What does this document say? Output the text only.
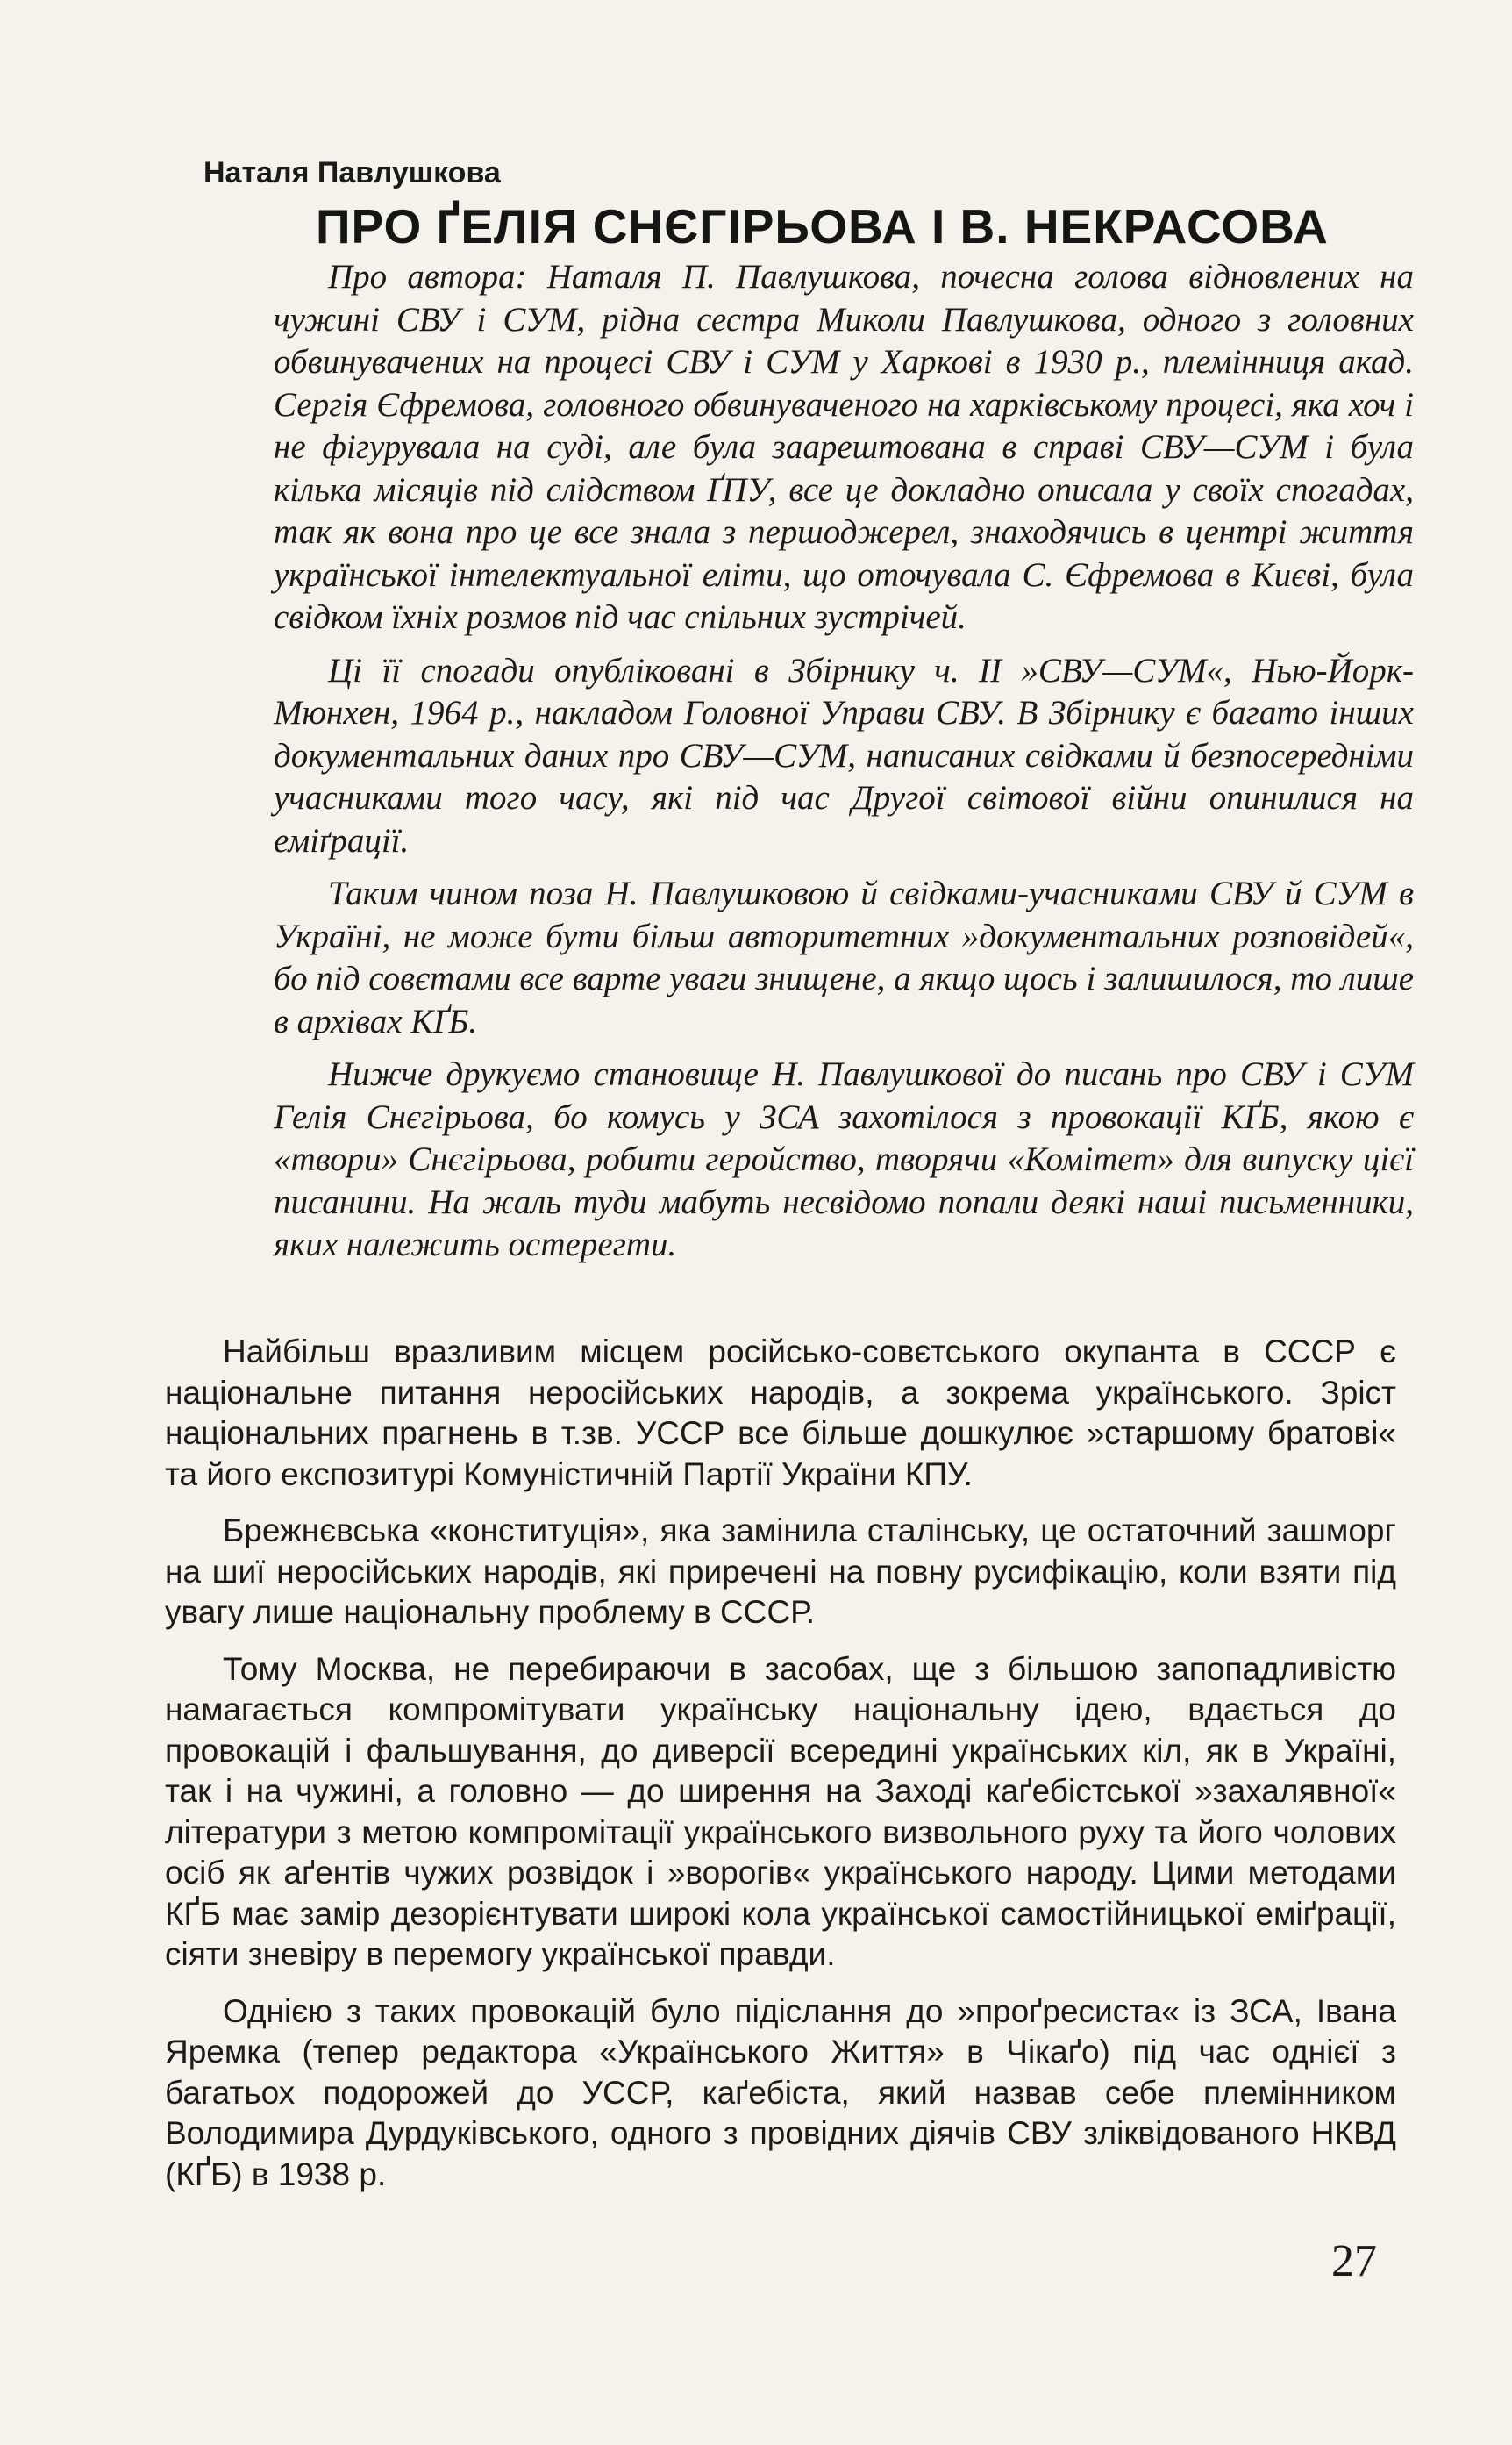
Наталя Павлушкова
ПРО ҐЕЛІЯ СНЄГІРЬОВА І В. НЕКРАСОВА

Про автора: Наталя П. Павлушкова, почесна голова відновлених на чужині СВУ і СУМ, рідна сестра Миколи Павлушкова, одного з головних обвинувачених на процесі СВУ і СУМ у Харкові в 1930 р., племінниця акад. Сергія Єфремова, головного обвинуваченого на харківському процесі, яка хоч і не фігурувала на суді, але була заарештована в справі СВУ—СУМ і була кілька місяців під слідством ҐПУ, все це докладно описала у своїх спогадах, так як вона про це все знала з першоджерел, знаходячись в центрі життя української інтелектуальної еліти, що оточувала С. Єфремова в Києві, була свідком їхніх розмов під час спільних зустрічей.

Ці її спогади опубліковані в Збірнику ч. II »СВУ—СУМ«, Нью-Йорк-Мюнхен, 1964 р., накладом Головної Управи СВУ. В Збірнику є багато інших документальних даних про СВУ—СУМ, написаних свідками й безпосередніми учасниками того часу, які під час Другої світової війни опинилися на еміґрації.

Таким чином поза Н. Павлушковою й свідками-учасниками СВУ й СУМ в Україні, не може бути більш авторитетних »документальних розповідей«, бо під совєтами все варте уваги знищене, а якщо щось і залишилося, то лише в архівах КҐБ.

Нижче друкуємо становище Н. Павлушкової до писань про СВУ і СУМ Гелія Снєгірьова, бо комусь у ЗСА захотілося з провокації КҐБ, якою є «твори» Снєгірьова, робити геройство, творячи «Комітет» для випуску цієї писанини. На жаль туди мабуть несвідомо попали деякі наші письменники, яких належить остерегти.

Найбільш вразливим місцем російсько-совєтського окупанта в СССР є національне питання неросійських народів, а зокрема українського. Зріст національних прагнень в т.зв. УССР все більше дошкулює »старшому братові« та його експозитурі Комуністичній Партії України КПУ.

Брежнєвська «конституція», яка замінила сталінську, це остаточний зашморг на шиї неросійських народів, які приречені на повну русифікацію, коли взяти під увагу лише національну проблему в СССР.

Тому Москва, не перебираючи в засобах, ще з більшою запопадливістю намагається компромітувати українську національну ідею, вдається до провокацій і фальшування, до диверсії всередині українських кіл, як в Україні, так і на чужині, а головно — до ширення на Заході каґебістської »захалявної« літератури з метою компромітації українського визвольного руху та його чолових осіб як аґентів чужих розвідок і »ворогів« українського народу. Цими методами КҐБ має замір дезорієнтувати широкі кола української самостійницької еміґрації, сіяти зневіру в перемогу української правди.

Однією з таких провокацій було підіслання до »проґресиста« із ЗСА, Івана Яремка (тепер редактора «Українського Життя» в Чікаґо) під час однієї з багатьох подорожей до УССР, каґебіста, який назвав себе племінником Володимира Дурдуківського, одного з провідних діячів СВУ зліквідованого НКВД (КҐБ) в 1938 р.

27
